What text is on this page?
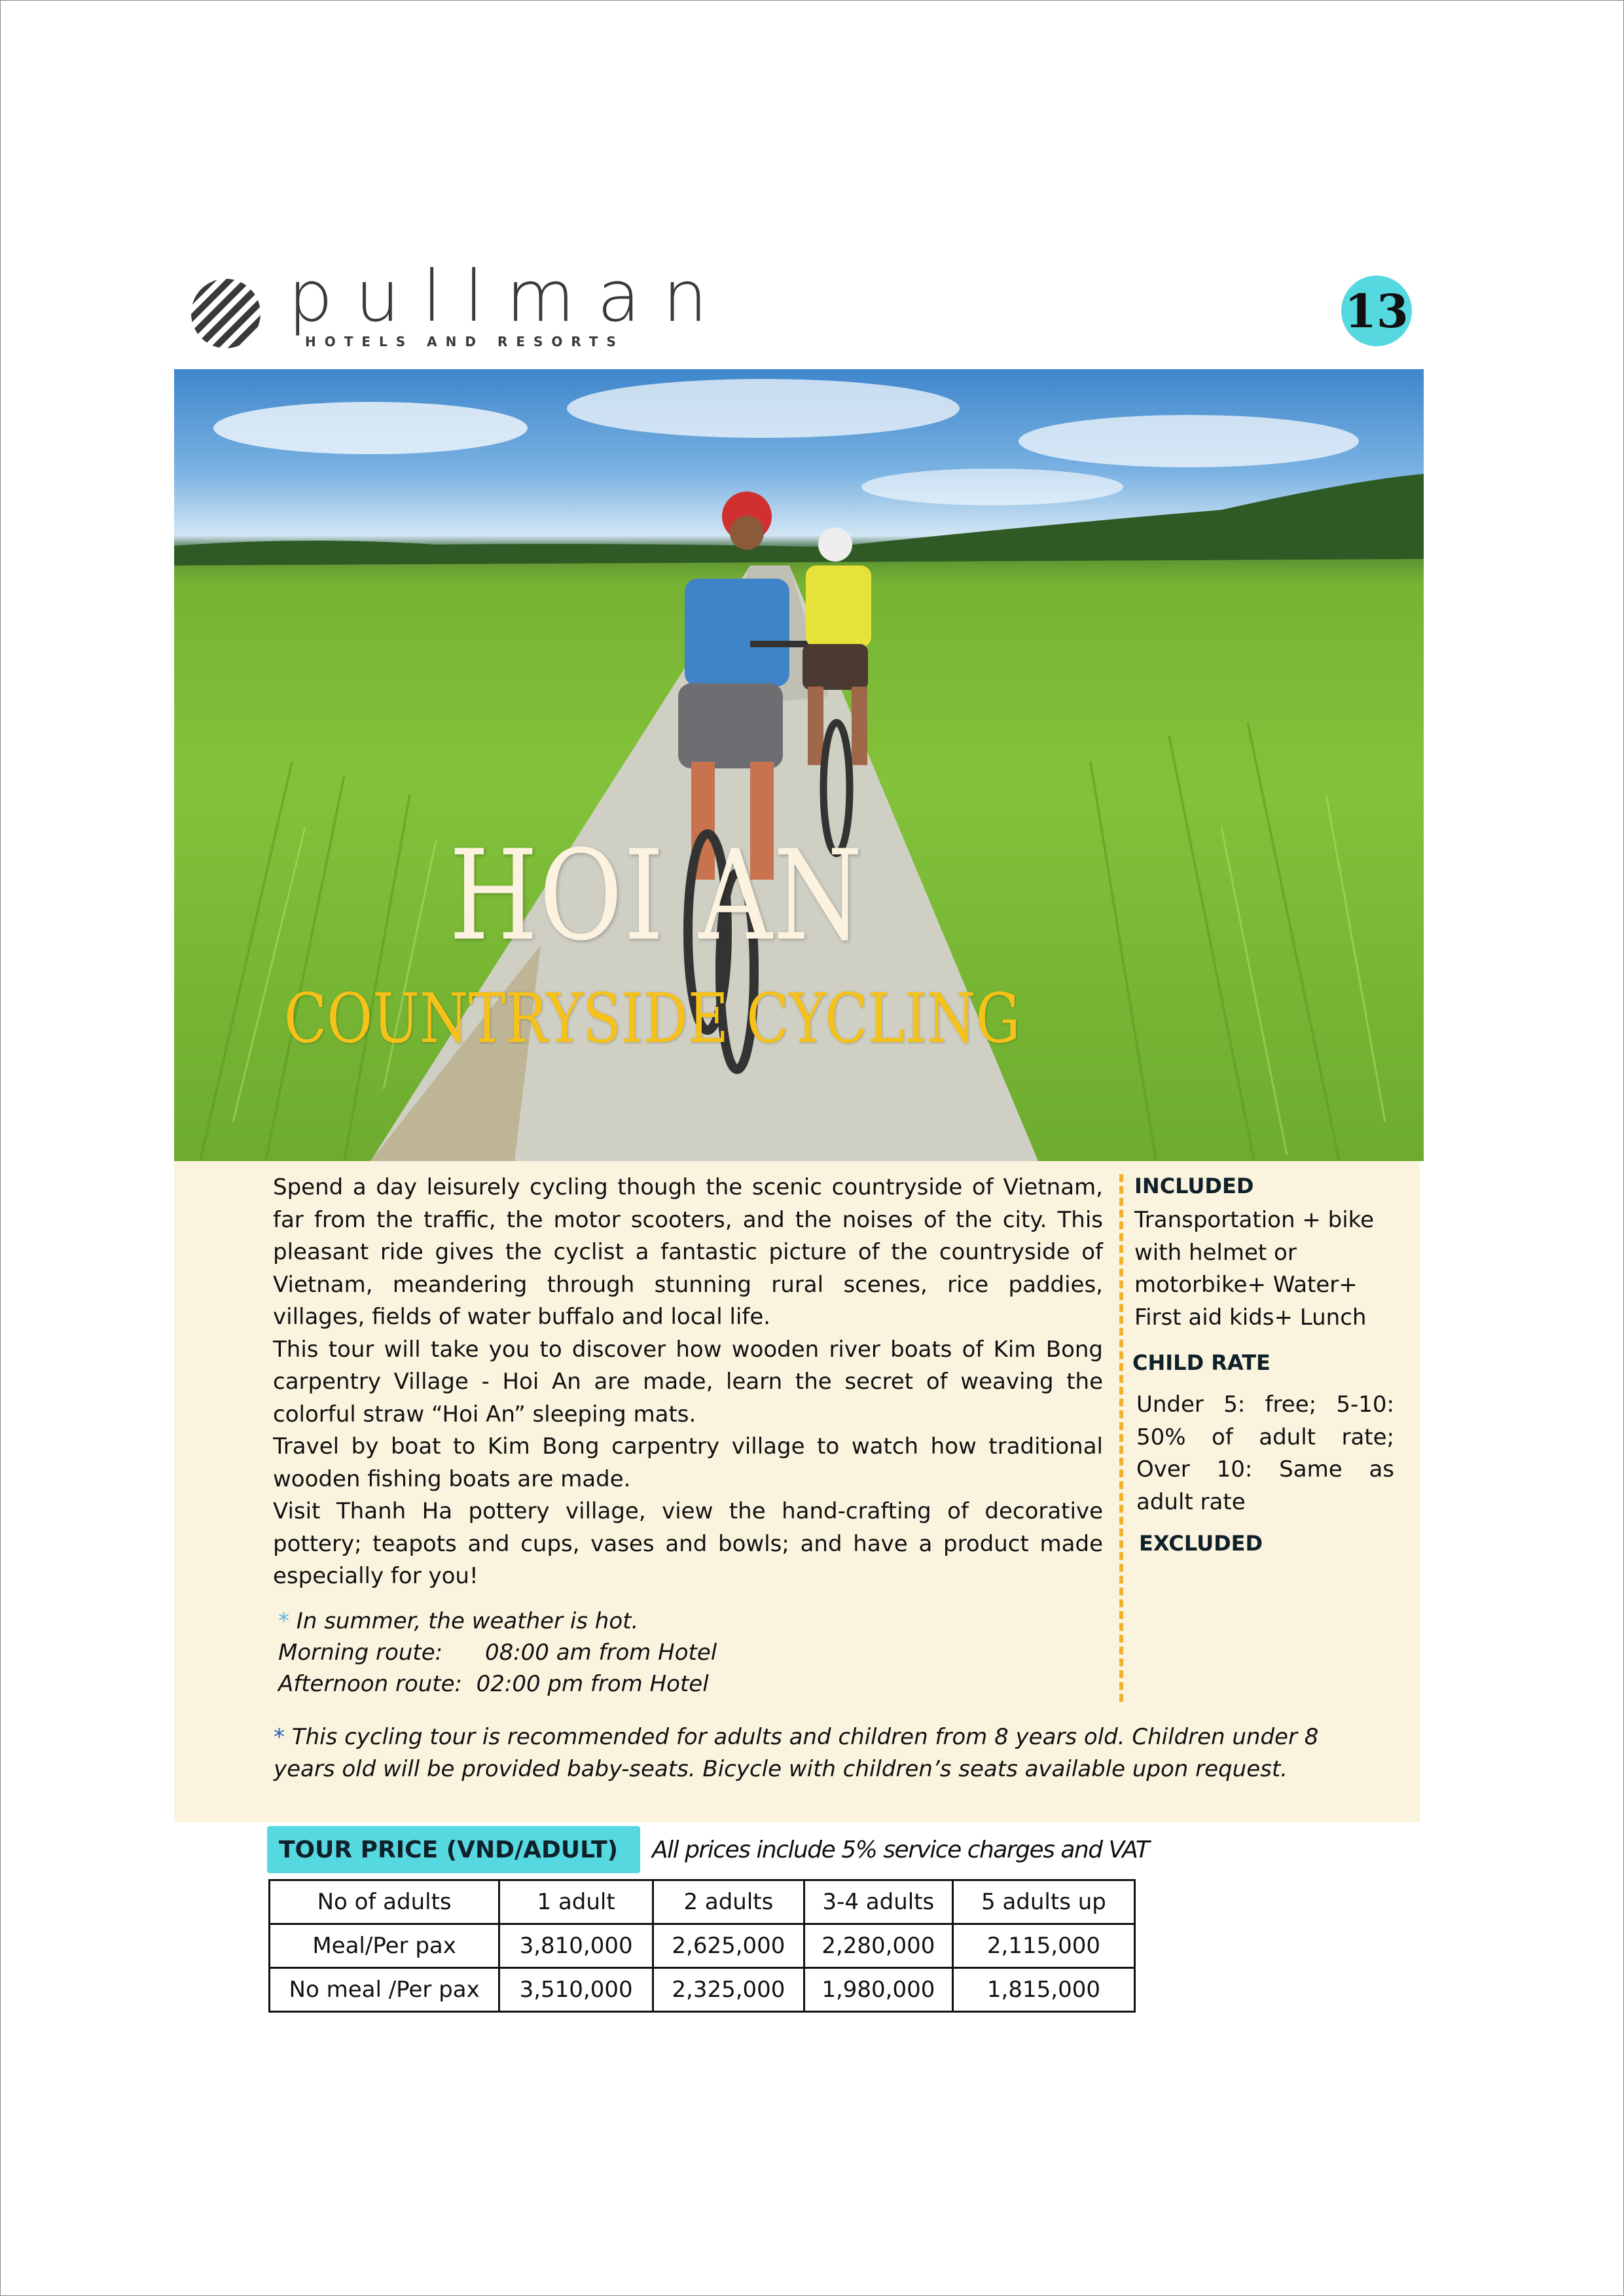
pullman
HOTELS AND RESORTS
13
HOI AN
COUNTRYSIDE CYCLING

Spend a day leisurely cycling though the scenic countryside of Vietnam, far from the traffic, the motor scooters, and the noises of the city. This pleasant ride gives the cyclist a fantastic picture of the countryside of Vietnam, meandering through stunning rural scenes, rice paddies, villages, fields of water buffalo and local life.

This tour will take you to discover how wooden river boats of Kim Bong carpentry Village - Hoi An are made, learn the secret of weaving the colorful straw “Hoi An” sleeping mats.

Travel by boat to Kim Bong carpentry village to watch how traditional wooden fishing boats are made.

Visit Thanh Ha pottery village, view the hand-crafting of decorative pottery; teapots and cups, vases and bowls; and have a product made especially for you!

* In summer, the weather is hot.
Morning route: 08:00 am from Hotel
Afternoon route: 02:00 pm from Hotel
INCLUDED
Transportation + bike with helmet or motorbike+ Water+ First aid kids+ Lunch
CHILD RATE
Under 5: free; 5-10: 50% of adult rate; Over 10: Same as adult rate
EXCLUDED
* This cycling tour is recommended for adults and children from 8 years old. Children under 8 years old will be provided baby-seats. Bicycle with children’s seats available upon request.
TOUR PRICE (VND/ADULT)	All prices include 5% service charges and VAT
No of adults	1 adult	2 adults	3-4 adults	5 adults up
Meal/Per pax	3,810,000	2,625,000	2,280,000	2,115,000
No meal /Per pax	3,510,000	2,325,000	1,980,000	1,815,000
